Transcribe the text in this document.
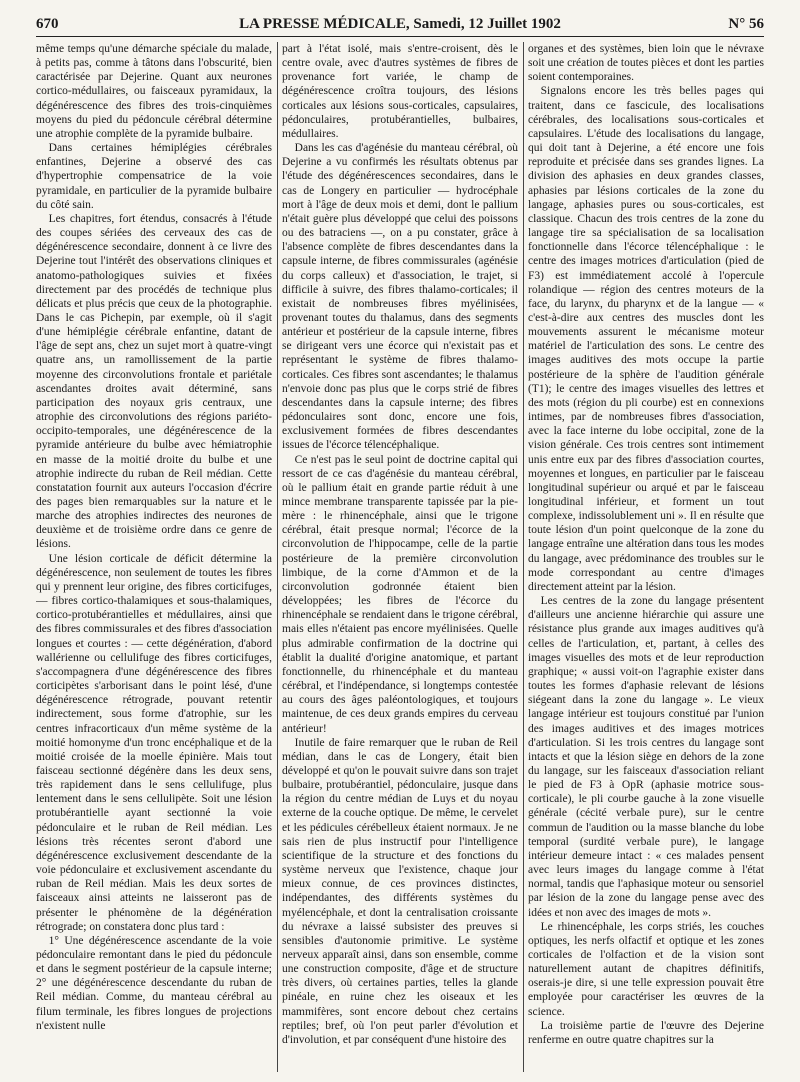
670	LA PRESSE MÉDICALE, Samedi, 12 Juillet 1902	N° 56

même temps qu'une démarche spéciale du malade, à petits pas, comme à tâtons dans l'obscurité, bien caractérisée par Dejerine. Quant aux neurones cortico-médullaires, ou faisceaux pyramidaux, la dégénérescence des fibres des trois-cinquièmes moyens du pied du pédoncule cérébral détermine une atrophie complète de la pyramide bulbaire.

Dans certaines hémiplégies cérébrales enfantines, Dejerine a observé des cas d'hypertrophie compensatrice de la voie pyramidale, en particulier de la pyramide bulbaire du côté sain.

Les chapitres, fort étendus, consacrés à l'étude des coupes sériées des cerveaux des cas de dégénérescence secondaire, donnent à ce livre des Dejerine tout l'intérêt des observations cliniques et anatomo-pathologiques suivies et fixées directement par des procédés de technique plus délicats et plus précis que ceux de la photographie. Dans le cas Pichepin, par exemple, où il s'agit d'une hémiplégie cérébrale enfantine, datant de l'âge de sept ans, chez un sujet mort à quatre-vingt quatre ans, un ramollissement de la partie moyenne des circonvolutions frontale et pariétale ascendantes droites avait déterminé, sans participation des noyaux gris centraux, une atrophie des circonvolutions des régions pariéto-occipito-temporales, une dégénérescence de la pyramide antérieure du bulbe avec hémiatrophie en masse de la moitié droite du bulbe et une atrophie indirecte du ruban de Reil médian. Cette constatation fournit aux auteurs l'occasion d'écrire des pages bien remarquables sur la nature et le marche des atrophies indirectes des neurones de deuxième et de troisième ordre dans ce genre de lésions.

Une lésion corticale de déficit détermine la dégénérescence, non seulement de toutes les fibres qui y prennent leur origine, des fibres corticifuges, — fibres cortico-thalamiques et sous-thalamiques, cortico-protubérantielles et médullaires, ainsi que des fibres commissurales et des fibres d'association longues et courtes : — cette dégénération, d'abord wallérienne ou cellulifuge des fibres corticifuges, s'accompagnera d'une dégénérescence des fibres corticipètes s'arborisant dans le point lésé, d'une dégénérescence rétrograde, pouvant retentir indirectement, sous forme d'atrophie, sur les centres infracorticaux d'un même système de la moitié homonyme d'un tronc encéphalique et de la moitié croisée de la moelle épinière. Mais tout faisceau sectionné dégénère dans les deux sens, très rapidement dans le sens cellulifuge, plus lentement dans le sens cellulipète. Soit une lésion protubérantielle ayant sectionné la voie pédonculaire et le ruban de Reil médian. Les lésions très récentes seront d'abord une dégénérescence exclusivement descendante de la voie pédonculaire et exclusivement ascendante du ruban de Reil médian. Mais les deux sortes de faisceaux ainsi atteints ne laisseront pas de présenter le phénomène de la dégénération rétrograde; on constatera donc plus tard :

1° Une dégénérescence ascendante de la voie pédonculaire remontant dans le pied du pédoncule et dans le segment postérieur de la capsule interne; 2° une dégénérescence descendante du ruban de Reil médian. Comme, du manteau cérébral au filum terminale, les fibres longues de projections n'existent nulle

part à l'état isolé, mais s'entre-croisent, dès le centre ovale, avec d'autres systèmes de fibres de provenance fort variée, le champ de dégénérescence croîtra toujours, des lésions corticales aux lésions sous-corticales, capsulaires, pédonculaires, protubérantielles, bulbaires, médullaires.

Dans les cas d'agénésie du manteau cérébral, où Dejerine a vu confirmés les résultats obtenus par l'étude des dégénérescences secondaires, dans le cas de Longery en particulier — hydrocéphale mort à l'âge de deux mois et demi, dont le pallium n'était guère plus développé que celui des poissons ou des batraciens —, on a pu constater, grâce à l'absence complète de fibres descendantes dans la capsule interne, de fibres commissurales (agénésie du corps calleux) et d'association, le trajet, si difficile à suivre, des fibres thalamo-corticales; il existait de nombreuses fibres myélinisées, provenant toutes du thalamus, dans des segments antérieur et postérieur de la capsule interne, fibres se dirigeant vers une écorce qui n'existait pas et représentant le système de fibres thalamo-corticales. Ces fibres sont ascendantes; le thalamus n'envoie donc pas plus que le corps strié de fibres descendantes dans la capsule interne; des fibres pédonculaires sont donc, encore une fois, exclusivement formées de fibres descendantes issues de l'écorce télencéphalique.

Ce n'est pas le seul point de doctrine capital qui ressort de ce cas d'agénésie du manteau cérébral, où le pallium était en grande partie réduit à une mince membrane transparente tapissée par la pie-mère : le rhinencéphale, ainsi que le trigone cérébral, était presque normal; l'écorce de la circonvolution de l'hippocampe, celle de la partie postérieure de la première circonvolution limbique, de la corne d'Ammon et de la circonvolution godronnée étaient bien développées; les fibres de l'écorce du rhinencéphale se rendaient dans le trigone cérébral, mais elles n'étaient pas encore myélinisées. Quelle plus admirable confirmation de la doctrine qui établit la dualité d'origine anatomique, et partant fonctionnelle, du rhinencéphale et du manteau cérébral, et l'indépendance, si longtemps contestée au cours des âges paléontologiques, et toujours maintenue, de ces deux grands empires du cerveau antérieur!

Inutile de faire remarquer que le ruban de Reil médian, dans le cas de Longery, était bien développé et qu'on le pouvait suivre dans son trajet bulbaire, protubérantiel, pédonculaire, jusque dans la région du centre médian de Luys et du noyau externe de la couche optique. De même, le cervelet et les pédicules cérébelleux étaient normaux. Je ne sais rien de plus instructif pour l'intelligence scientifique de la structure et des fonctions du système nerveux que l'existence, chaque jour mieux connue, de ces provinces distinctes, indépendantes, des différents systèmes du myélencéphale, et dont la centralisation croissante du névraxe a laissé subsister des preuves si sensibles d'autonomie primitive. Le système nerveux apparaît ainsi, dans son ensemble, comme une construction composite, d'âge et de structure très divers, où certaines parties, telles la glande pinéale, en ruine chez les oiseaux et les mammifères, sont encore debout chez certains reptiles; bref, où l'on peut parler d'évolution et d'involution, et par conséquent d'une histoire des

organes et des systèmes, bien loin que le névraxe soit une création de toutes pièces et dont les parties soient contemporaines.

Signalons encore les très belles pages qui traitent, dans ce fascicule, des localisations cérébrales, des localisations sous-corticales et capsulaires. L'étude des localisations du langage, qui doit tant à Dejerine, a été encore une fois reproduite et précisée dans ses grandes lignes. La division des aphasies en deux grandes classes, aphasies par lésions corticales de la zone du langage, aphasies pures ou sous-corticales, est classique. Chacun des trois centres de la zone du langage tire sa spécialisation de sa localisation fonctionnelle dans l'écorce télencéphalique : le centre des images motrices d'articulation (pied de F3) est immédiatement accolé à l'opercule rolandique — région des centres moteurs de la face, du larynx, du pharynx et de la langue — « c'est-à-dire aux centres des muscles dont les mouvements assurent le mécanisme moteur matériel de l'articulation des sons. Le centre des images auditives des mots occupe la partie postérieure de la sphère de l'audition générale (T1); le centre des images visuelles des lettres et des mots (région du pli courbe) est en connexions intimes, par de nombreuses fibres d'association, avec la face interne du lobe occipital, zone de la vision générale. Ces trois centres sont intimement unis entre eux par des fibres d'association courtes, moyennes et longues, en particulier par le faisceau longitudinal supérieur ou arqué et par le faisceau longitudinal inférieur, et forment un tout complexe, indissolublement uni ». Il en résulte que toute lésion d'un point quelconque de la zone du langage entraîne une altération dans tous les modes du langage, avec prédominance des troubles sur le mode correspondant au centre d'images directement atteint par la lésion.

Les centres de la zone du langage présentent d'ailleurs une ancienne hiérarchie qui assure une résistance plus grande aux images auditives qu'à celles de l'articulation, et, partant, à celles des images visuelles des mots et de leur reproduction graphique; « aussi voit-on l'agraphie exister dans toutes les formes d'aphasie relevant de lésions siégeant dans la zone du langage ». Le vieux langage intérieur est toujours constitué par l'union des images auditives et des images motrices d'articulation. Si les trois centres du langage sont intacts et que la lésion siège en dehors de la zone du langage, sur les faisceaux d'association reliant le pied de F3 à OpR (aphasie motrice sous-corticale), le pli courbe gauche à la zone visuelle générale (cécité verbale pure), sur le centre commun de l'audition ou la masse blanche du lobe temporal (surdité verbale pure), le langage intérieur demeure intact : « ces malades pensent avec leurs images du langage comme à l'état normal, tandis que l'aphasique moteur ou sensoriel par lésion de la zone du langage pense avec des idées et non avec des images de mots ».

Le rhinencéphale, les corps striés, les couches optiques, les nerfs olfactif et optique et les zones corticales de l'olfaction et de la vision sont naturellement autant de chapitres définitifs, oserais-je dire, si une telle expression pouvait être employée pour caractériser les œuvres de la science.

La troisième partie de l'œuvre des Dejerine renferme en outre quatre chapitres sur la
